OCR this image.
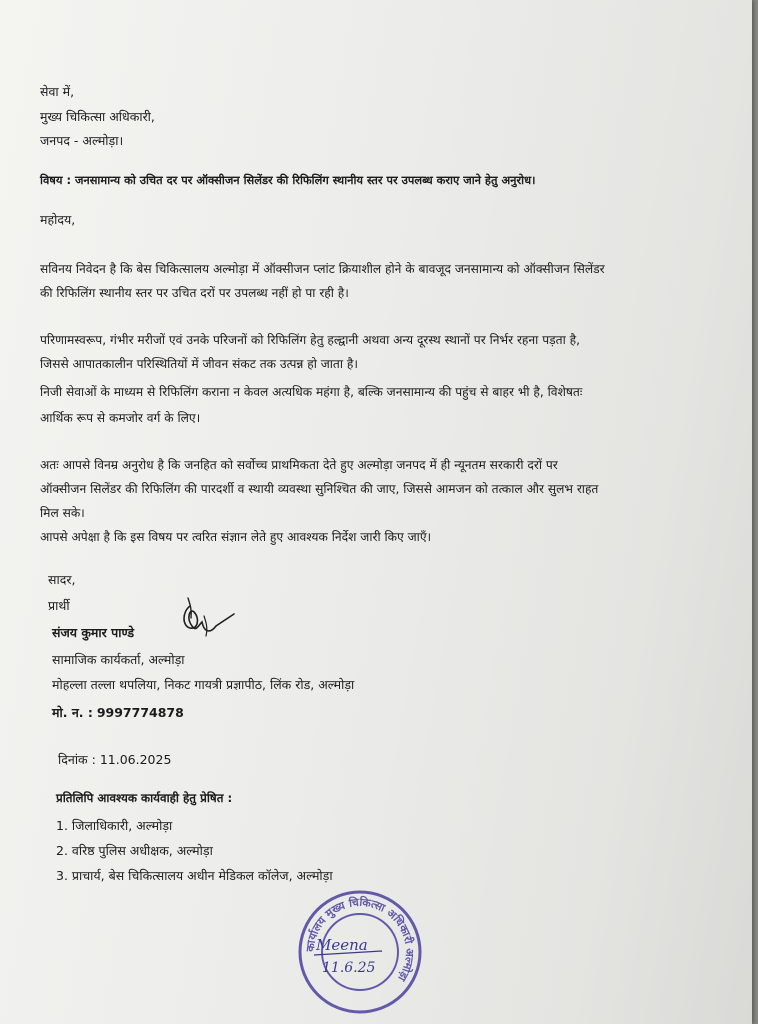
सेवा में,
मुख्य चिकित्सा अधिकारी,
जनपद - अल्मोड़ा।
विषय : जनसामान्य को उचित दर पर ऑक्सीजन सिलेंडर की रिफिलिंग स्थानीय स्तर पर उपलब्ध कराए जाने हेतु अनुरोध।
महोदय,
सविनय निवेदन है कि बेस चिकित्सालय अल्मोड़ा में ऑक्सीजन प्लांट क्रियाशील होने के बावजूद जनसामान्य को ऑक्सीजन सिलेंडर
की रिफिलिंग स्थानीय स्तर पर उचित दरों पर उपलब्ध नहीं हो पा रही है।
परिणामस्वरूप, गंभीर मरीजों एवं उनके परिजनों को रिफिलिंग हेतु हल्द्वानी अथवा अन्य दूरस्थ स्थानों पर निर्भर रहना पड़ता है,
जिससे आपातकालीन परिस्थितियों में जीवन संकट तक उत्पन्न हो जाता है।
निजी सेवाओं के माध्यम से रिफिलिंग कराना न केवल अत्यधिक महंगा है, बल्कि जनसामान्य की पहुंच से बाहर भी है, विशेषतः
आर्थिक रूप से कमजोर वर्ग के लिए।
अतः आपसे विनम्र अनुरोध है कि जनहित को सर्वोच्च प्राथमिकता देते हुए अल्मोड़ा जनपद में ही न्यूनतम सरकारी दरों पर
ऑक्सीजन सिलेंडर की रिफिलिंग की पारदर्शी व स्थायी व्यवस्था सुनिश्चित की जाए, जिससे आमजन को तत्काल और सुलभ राहत
मिल सके।
आपसे अपेक्षा है कि इस विषय पर त्वरित संज्ञान लेते हुए आवश्यक निर्देश जारी किए जाएँ।
सादर,
प्रार्थी
संजय कुमार पाण्डे
सामाजिक कार्यकर्ता, अल्मोड़ा
मोहल्ला तल्ला थपलिया, निकट गायत्री प्रज्ञापीठ, लिंक रोड, अल्मोड़ा
मो. न. : 9997774878
दिनांक : 11.06.2025
प्रतिलिपि आवश्यक कार्यवाही हेतु प्रेषित :
1. जिलाधिकारी, अल्मोड़ा
2. वरिष्ठ पुलिस अधीक्षक, अल्मोड़ा
3. प्राचार्य, बेस चिकित्सालय अधीन मेडिकल कॉलेज, अल्मोड़ा
कार्यालय मुख्य चिकित्सा अधिकारी अल्मोड़ा
Meena
11.6.25
